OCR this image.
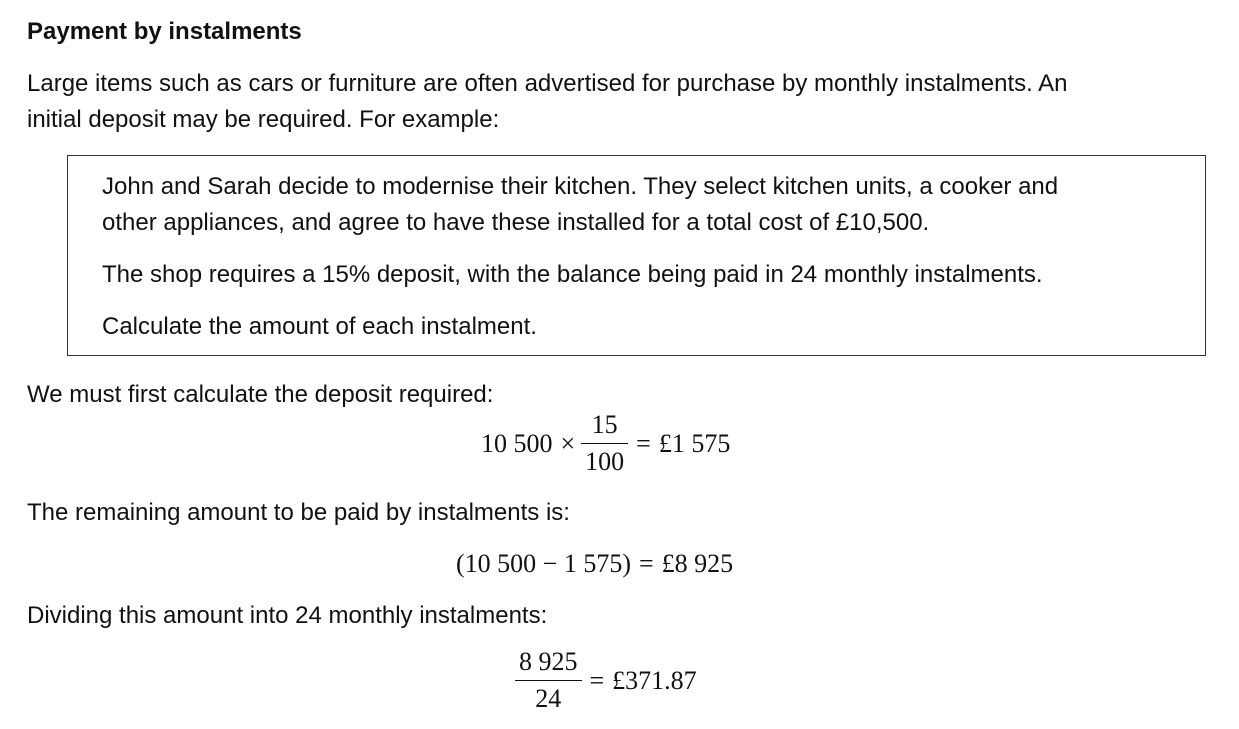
Payment by instalments
Large items such as cars or furniture are often advertised for purchase by monthly instalments. An
initial deposit may be required. For example:
John and Sarah decide to modernise their kitchen. They select kitchen units, a cooker and
other appliances, and agree to have these installed for a total cost of £10,500.
The shop requires a 15% deposit, with the balance being paid in 24 monthly instalments.
Calculate the amount of each instalment.
We must first calculate the deposit required:
10 $500 \times \frac{15}{100}$ = £1 575
The remaining amount to be paid by instalments is:
(10 500 − 1 575) = £8 925
Dividing this amount into 24 monthly instalments:
$\frac{8 925}{24}$ = £371.87
